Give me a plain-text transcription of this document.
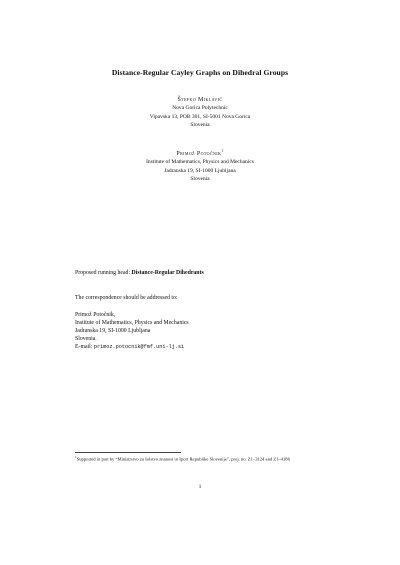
Distance-Regular Cayley Graphs on Dihedral Groups
Štefko Miklavič
Nova Gorica Polytechnic
Vipavska 13, POB 301, SI-5001 Nova Gorica
Slovenia
Primož Potočnik$^1$
Institute of Mathematics, Physics and Mechanics
Jadranska 19, SI-1000 Ljubljana
Slovenia
Proposed running head: Distance-Regular Dihedrants
The correspondence should be addressed to:
Primož Potočnik,
Institute of Mathematics, Physics and Mechanics
Jadranska 19, SI-1000 Ljubljana
Slovenia.
E-mail: primoz.potocnik@fmf.uni-lj.si
$^1$Supported in part by “Ministrstvo za šolstvo znanost in šport Republike Slovenije”, proj. no. Z1–3124 and Z1–4186
1
